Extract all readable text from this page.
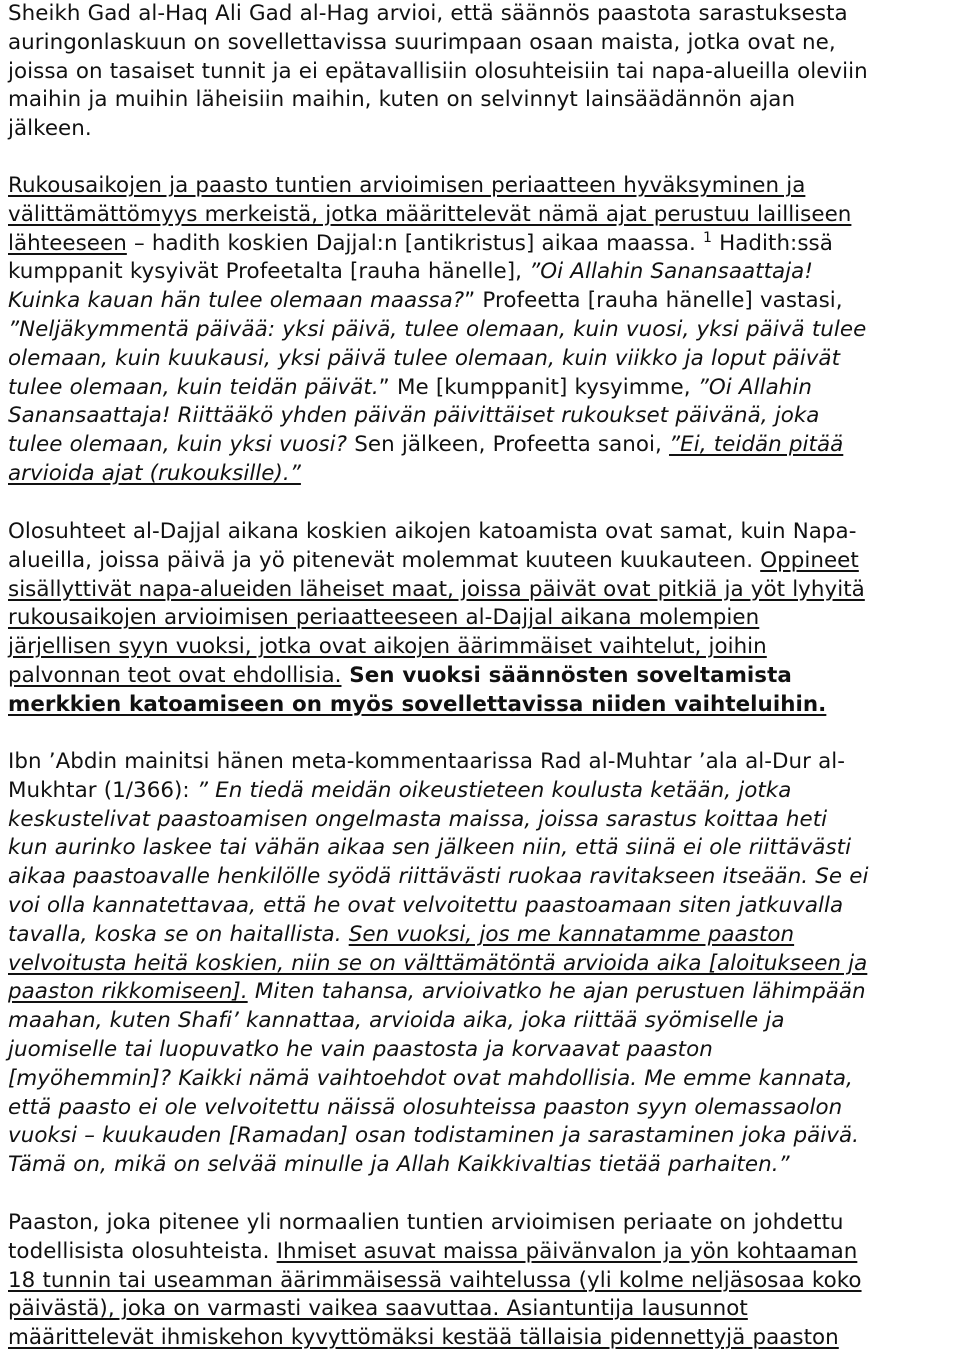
Sheikh Gad al-Haq Ali Gad al-Hag arvioi, että säännös paastota sarastuksesta
auringonlaskuun on sovellettavissa suurimpaan osaan maista, jotka ovat ne,
joissa on tasaiset tunnit ja ei epätavallisiin olosuhteisiin tai napa-alueilla oleviin
maihin ja muihin läheisiin maihin, kuten on selvinnyt lainsäädännön ajan
jälkeen.

Rukousaikojen ja paasto tuntien arvioimisen periaatteen hyväksyminen ja
välittämättömyys merkeistä, jotka määrittelevät nämä ajat perustuu lailliseen
lähteeseen – hadith koskien Dajjal:n [antikristus] aikaa maassa. $^1$ Hadith:ssä
kumppanit kysyivät Profeetalta [rauha hänelle], ”Oi Allahin Sanansaattaja!
Kuinka kauan hän tulee olemaan maassa?” Profeetta [rauha hänelle] vastasi,
”Neljäkymmentä päivää: yksi päivä, tulee olemaan, kuin vuosi, yksi päivä tulee
olemaan, kuin kuukausi, yksi päivä tulee olemaan, kuin viikko ja loput päivät
tulee olemaan, kuin teidän päivät.” Me [kumppanit] kysyimme, ”Oi Allahin
Sanansaattaja! Riittääkö yhden päivän päivittäiset rukoukset päivänä, joka
tulee olemaan, kuin yksi vuosi? Sen jälkeen, Profeetta sanoi, ”Ei, teidän pitää
arvioida ajat (rukouksille).”

Olosuhteet al-Dajjal aikana koskien aikojen katoamista ovat samat, kuin Napa-
alueilla, joissa päivä ja yö pitenevät molemmat kuuteen kuukauteen. Oppineet
sisällyttivät napa-alueiden läheiset maat, joissa päivät ovat pitkiä ja yöt lyhyitä
rukousaikojen arvioimisen periaatteeseen al-Dajjal aikana molempien
järjellisen syyn vuoksi, jotka ovat aikojen äärimmäiset vaihtelut, joihin
palvonnan teot ovat ehdollisia. Sen vuoksi säännösten soveltamista
merkkien katoamiseen on myös sovellettavissa niiden vaihteluihin.

Ibn ’Abdin mainitsi hänen meta-kommentaarissa Rad al-Muhtar ’ala al-Dur al-
Mukhtar (1/366): ” En tiedä meidän oikeustieteen koulusta ketään, jotka
keskustelivat paastoamisen ongelmasta maissa, joissa sarastus koittaa heti
kun aurinko laskee tai vähän aikaa sen jälkeen niin, että siinä ei ole riittävästi
aikaa paastoavalle henkilölle syödä riittävästi ruokaa ravitakseen itseään. Se ei
voi olla kannatettavaa, että he ovat velvoitettu paastoamaan siten jatkuvalla
tavalla, koska se on haitallista. Sen vuoksi, jos me kannatamme paaston
velvoitusta heitä koskien, niin se on välttämätöntä arvioida aika [aloitukseen ja
paaston rikkomiseen]. Miten tahansa, arvioivatko he ajan perustuen lähimpään
maahan, kuten Shafi’ kannattaa, arvioida aika, joka riittää syömiselle ja
juomiselle tai luopuvatko he vain paastosta ja korvaavat paaston
[myöhemmin]? Kaikki nämä vaihtoehdot ovat mahdollisia. Me emme kannata,
että paasto ei ole velvoitettu näissä olosuhteissa paaston syyn olemassaolon
vuoksi – kuukauden [Ramadan] osan todistaminen ja sarastaminen joka päivä.
Tämä on, mikä on selvää minulle ja Allah Kaikkivaltias tietää parhaiten.”

Paaston, joka pitenee yli normaalien tuntien arvioimisen periaate on johdettu
todellisista olosuhteista. Ihmiset asuvat maissa päivänvalon ja yön kohtaaman
18 tunnin tai useamman äärimmäisessä vaihtelussa (yli kolme neljäsosaa koko
päivästä), joka on varmasti vaikea saavuttaa. Asiantuntija lausunnot
määrittelevät ihmiskehon kyvyttömäksi kestää tällaisia pidennettyjä paaston
